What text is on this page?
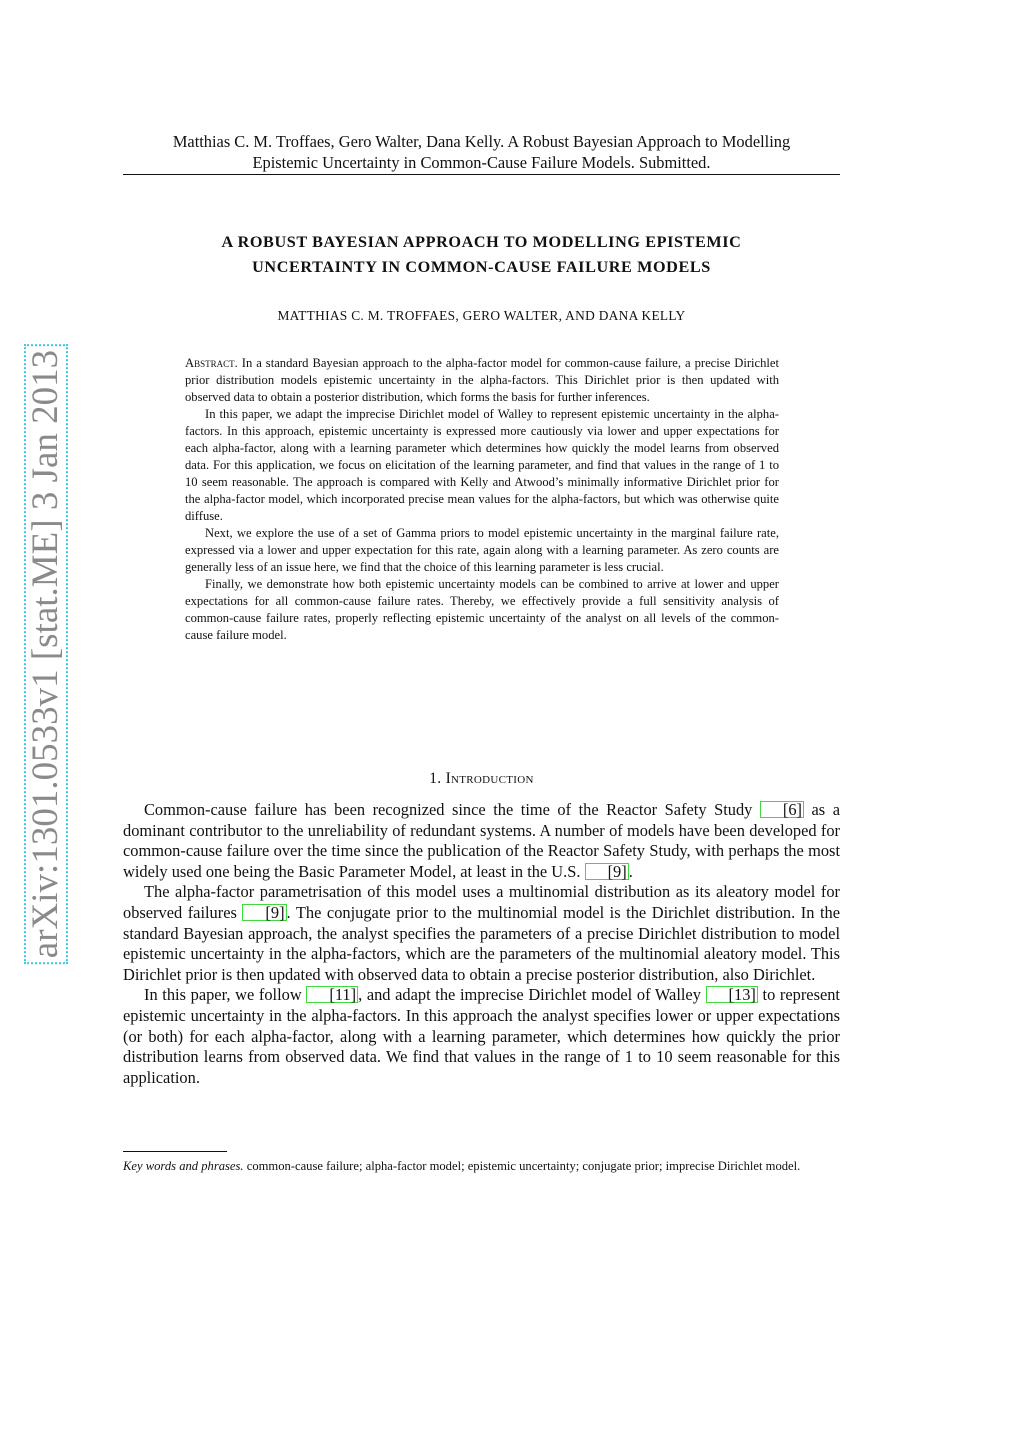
Matthias C. M. Troffaes, Gero Walter, Dana Kelly. A Robust Bayesian Approach to Modelling
Epistemic Uncertainty in Common-Cause Failure Models. Submitted.
A ROBUST BAYESIAN APPROACH TO MODELLING EPISTEMIC
UNCERTAINTY IN COMMON-CAUSE FAILURE MODELS
MATTHIAS C. M. TROFFAES, GERO WALTER, AND DANA KELLY

Abstract. In a standard Bayesian approach to the alpha-factor model for common-cause failure, a precise Dirichlet prior distribution models epistemic uncertainty in the alpha-factors. This Dirichlet prior is then updated with observed data to obtain a posterior distribution, which forms the basis for further inferences.

In this paper, we adapt the imprecise Dirichlet model of Walley to represent epistemic uncertainty in the alpha-factors. In this approach, epistemic uncertainty is expressed more cautiously via lower and upper expectations for each alpha-factor, along with a learning parameter which determines how quickly the model learns from observed data. For this application, we focus on elicitation of the learning parameter, and find that values in the range of 1 to 10 seem reasonable. The approach is compared with Kelly and Atwood’s minimally informative Dirichlet prior for the alpha-factor model, which incorporated precise mean values for the alpha-factors, but which was otherwise quite diffuse.

Next, we explore the use of a set of Gamma priors to model epistemic uncertainty in the marginal failure rate, expressed via a lower and upper expectation for this rate, again along with a learning parameter. As zero counts are generally less of an issue here, we find that the choice of this learning parameter is less crucial.

Finally, we demonstrate how both epistemic uncertainty models can be combined to arrive at lower and upper expectations for all common-cause failure rates. Thereby, we effectively provide a full sensitivity analysis of common-cause failure rates, properly reflecting epistemic uncertainty of the analyst on all levels of the common-cause failure model.

1. Introduction

Common-cause failure has been recognized since the time of the Reactor Safety Study [6] as a dominant contributor to the unreliability of redundant systems. A number of models have been developed for common-cause failure over the time since the publication of the Reactor Safety Study, with perhaps the most widely used one being the Basic Parameter Model, at least in the U.S. [9] .

The alpha-factor parametrisation of this model uses a multinomial distribution as its aleatory model for observed failures [9] . The conjugate prior to the multinomial model is the Dirichlet distribution. In the standard Bayesian approach, the analyst specifies the parameters of a precise Dirichlet distribution to model epistemic uncertainty in the alpha-factors, which are the parameters of the multinomial aleatory model. This Dirichlet prior is then updated with observed data to obtain a precise posterior distribution, also Dirichlet.

In this paper, we follow [11] , and adapt the imprecise Dirichlet model of Walley [13] to represent epistemic uncertainty in the alpha-factors. In this approach the analyst specifies lower or upper expectations (or both) for each alpha-factor, along with a learning parameter, which determines how quickly the prior distribution learns from observed data. We find that values in the range of 1 to 10 seem reasonable for this application.

Key words and phrases. common-cause failure; alpha-factor model; epistemic uncertainty; conjugate prior; imprecise Dirichlet model.
arXiv:1301.0533v1 [stat.ME] 3 Jan 2013
